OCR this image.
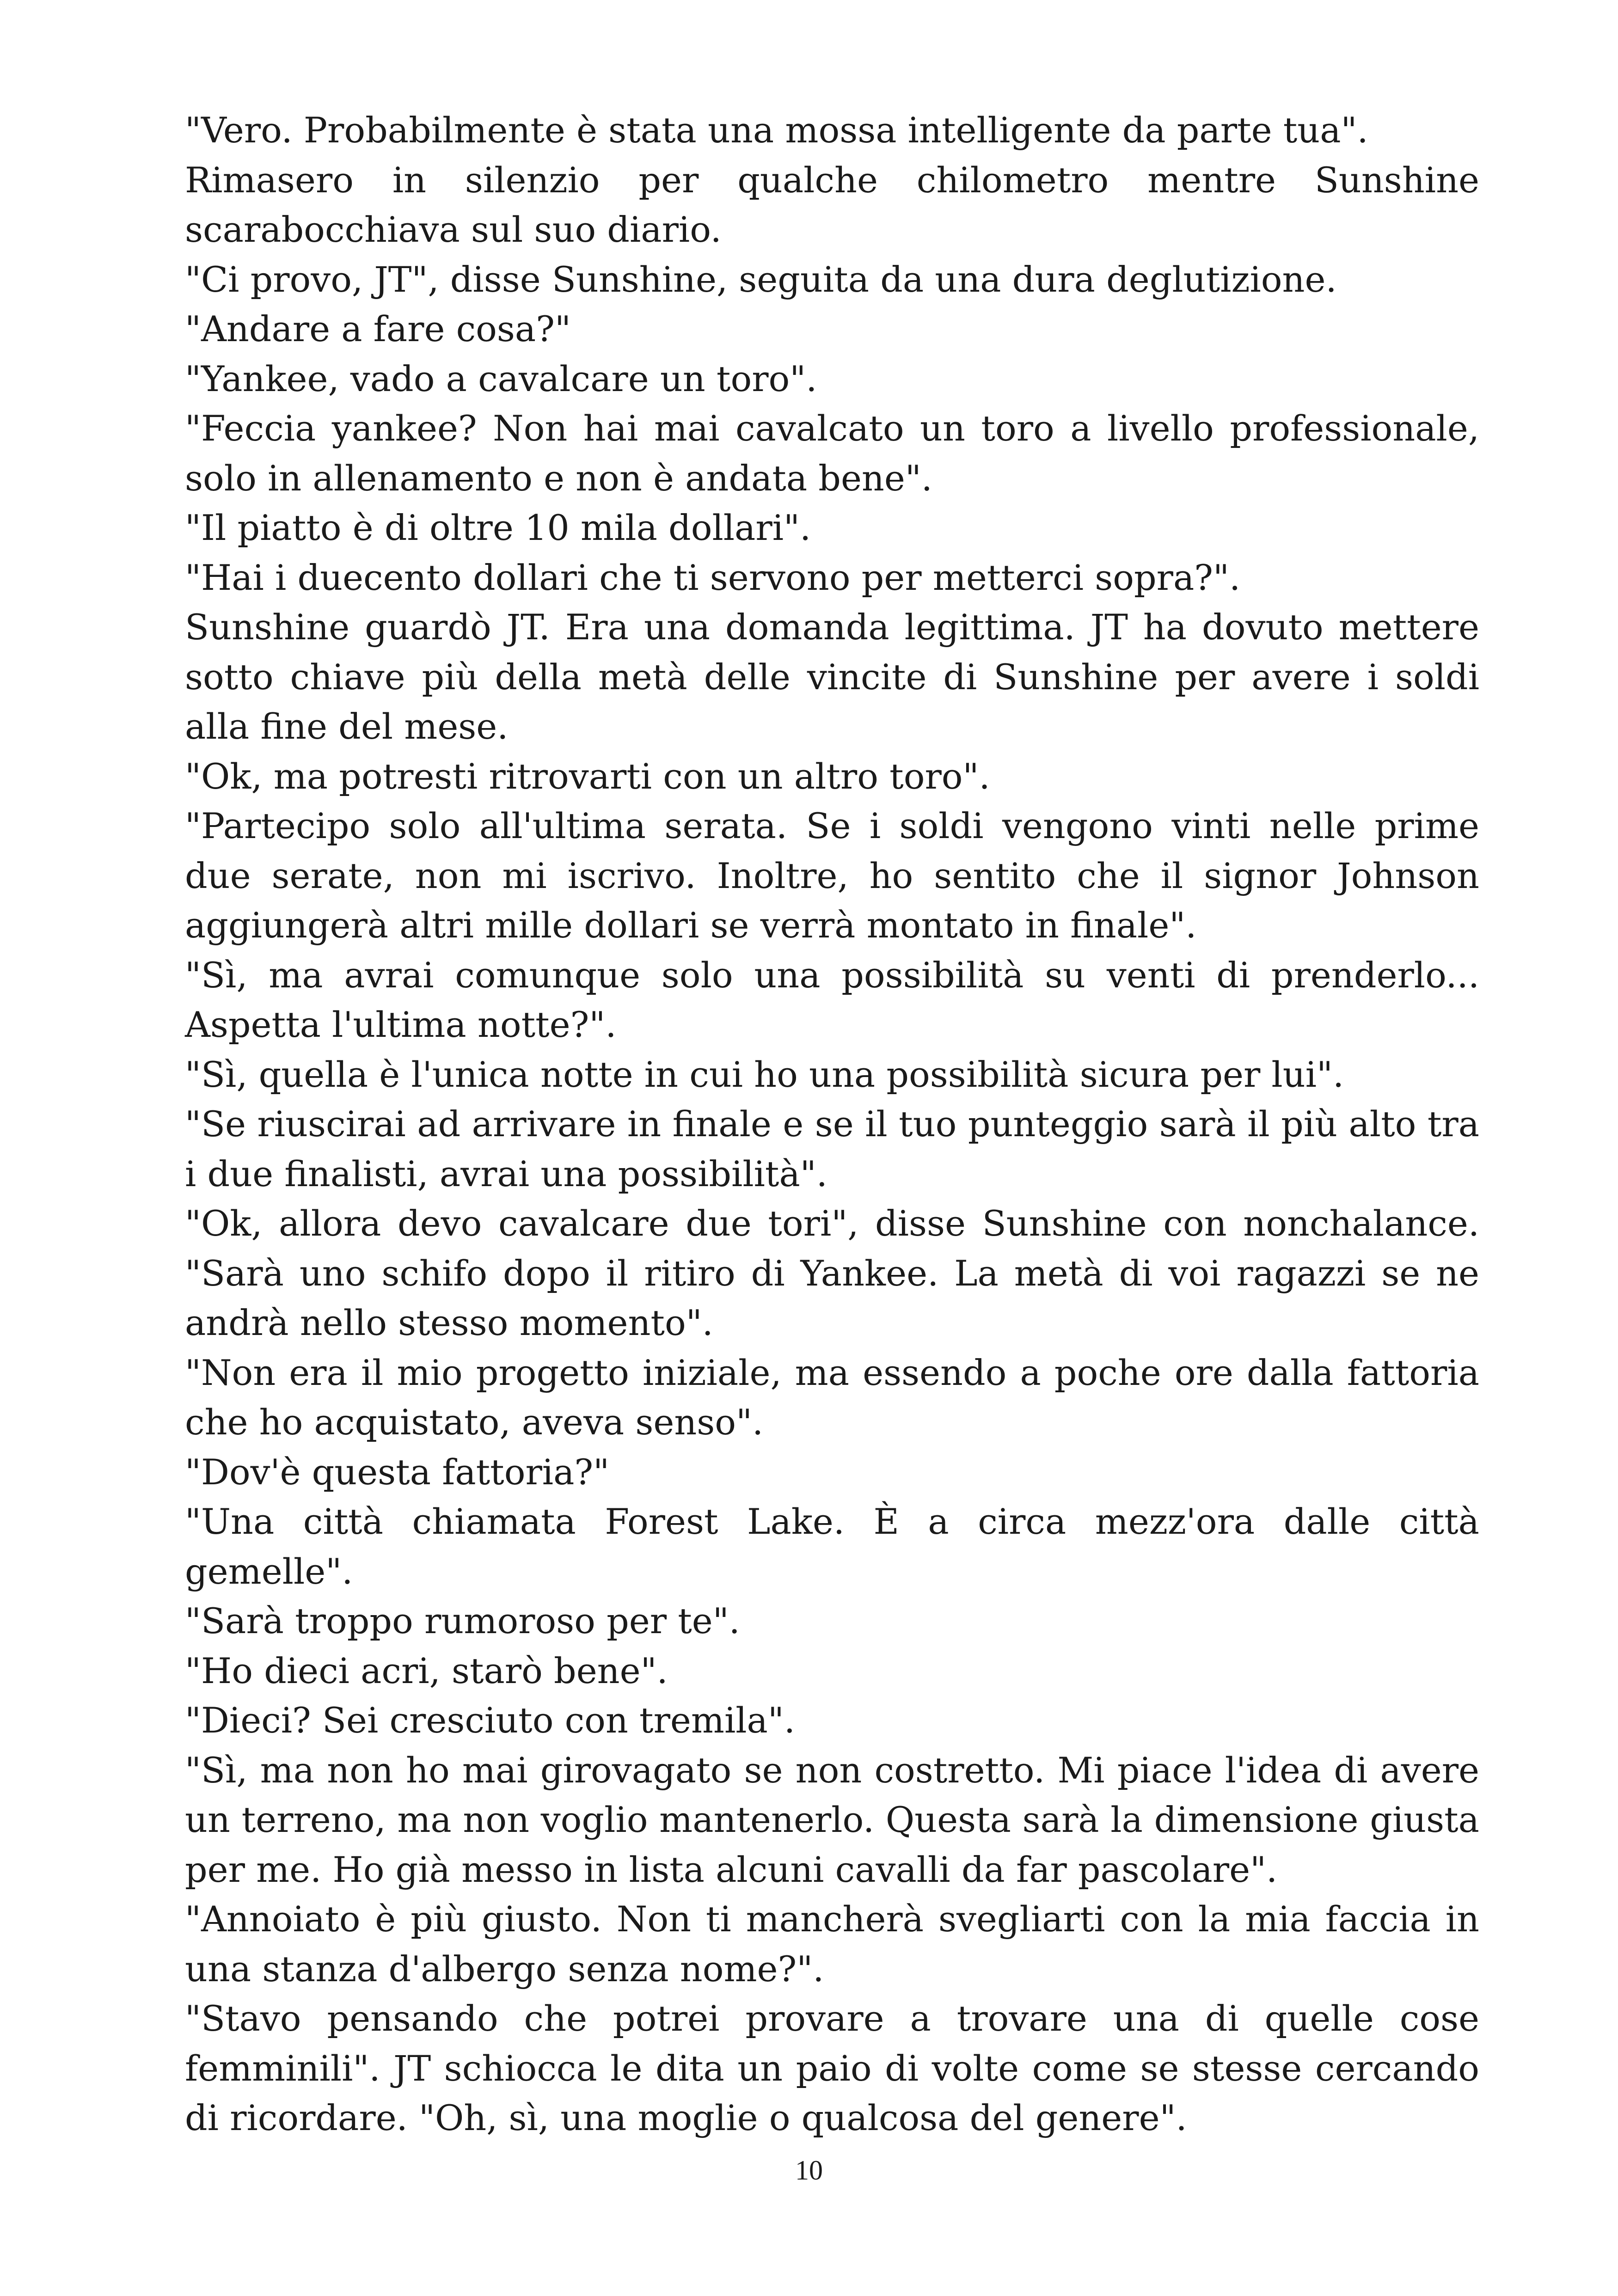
"Vero. Probabilmente è stata una mossa intelligente da parte tua".

Rimasero in silenzio per qualche chilometro mentre Sunshine scarabocchiava sul suo diario.

"Ci provo, JT", disse Sunshine, seguita da una dura deglutizione.

"Andare a fare cosa?"

"Yankee, vado a cavalcare un toro".

"Feccia yankee? Non hai mai cavalcato un toro a livello professionale, solo in allenamento e non è andata bene".

"Il piatto è di oltre 10 mila dollari".

"Hai i duecento dollari che ti servono per metterci sopra?".

Sunshine guardò JT. Era una domanda legittima. JT ha dovuto mettere sotto chiave più della metà delle vincite di Sunshine per avere i soldi alla fine del mese.

"Ok, ma potresti ritrovarti con un altro toro".

"Partecipo solo all'ultima serata. Se i soldi vengono vinti nelle prime due serate, non mi iscrivo. Inoltre, ho sentito che il signor Johnson aggiungerà altri mille dollari se verrà montato in finale".

"Sì, ma avrai comunque solo una possibilità su venti di prenderlo... Aspetta l'ultima notte?".

"Sì, quella è l'unica notte in cui ho una possibilità sicura per lui".

"Se riuscirai ad arrivare in finale e se il tuo punteggio sarà il più alto tra i due finalisti, avrai una possibilità".

"Ok, allora devo cavalcare due tori", disse Sunshine con nonchalance. "Sarà uno schifo dopo il ritiro di Yankee. La metà di voi ragazzi se ne andrà nello stesso momento".

"Non era il mio progetto iniziale, ma essendo a poche ore dalla fattoria che ho acquistato, aveva senso".

"Dov'è questa fattoria?"

"Una città chiamata Forest Lake. È a circa mezz'ora dalle città gemelle".

"Sarà troppo rumoroso per te".

"Ho dieci acri, starò bene".

"Dieci? Sei cresciuto con tremila".

"Sì, ma non ho mai girovagato se non costretto. Mi piace l'idea di avere un terreno, ma non voglio mantenerlo. Questa sarà la dimensione giusta per me. Ho già messo in lista alcuni cavalli da far pascolare".

"Annoiato è più giusto. Non ti mancherà svegliarti con la mia faccia in una stanza d'albergo senza nome?".

"Stavo pensando che potrei provare a trovare una di quelle cose femminili". JT schiocca le dita un paio di volte come se stesse cercando di ricordare. "Oh, sì, una moglie o qualcosa del genere".

10
